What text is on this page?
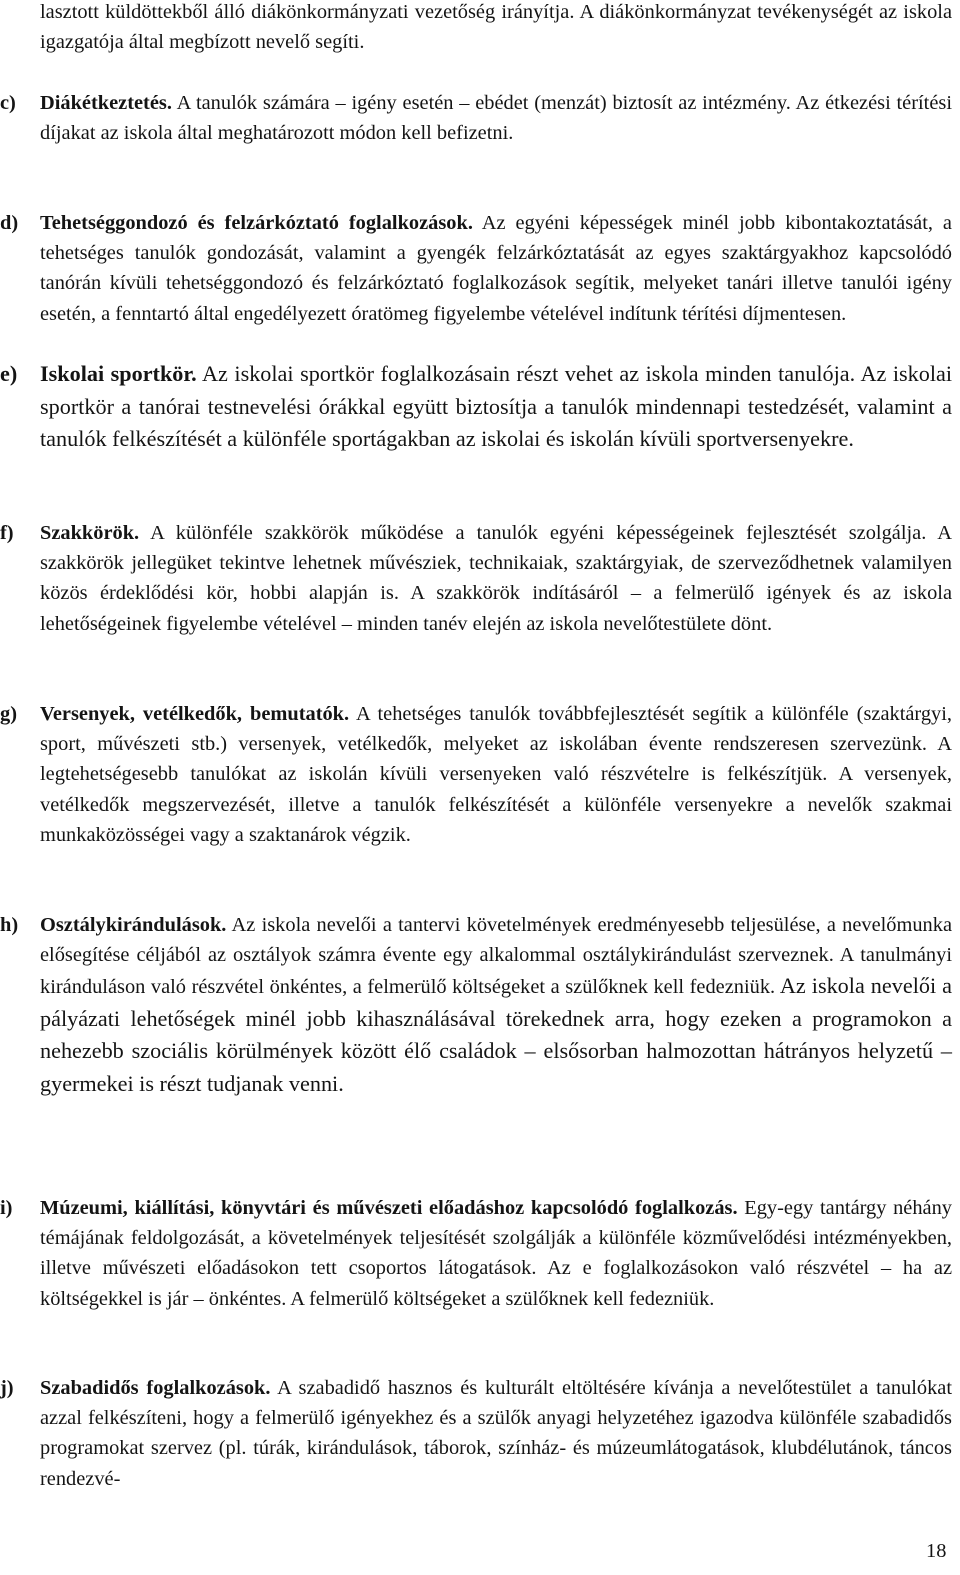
lasztott küldöttekből álló diákönkormányzati vezetőség irányítja. A diákönkormányzat tevékenységét az iskola igazgatója által megbízott nevelő segíti.

c) Diákétkeztetés. A tanulók számára – igény esetén – ebédet (menzát) biztosít az intézmény. Az étkezési térítési díjakat az iskola által meghatározott módon kell befizetni.

d) Tehetséggondozó és felzárkóztató foglalkozások. Az egyéni képességek minél jobb kibontakoztatását, a tehetséges tanulók gondozását, valamint a gyengék felzárkóztatását az egyes szaktárgyakhoz kapcsolódó tanórán kívüli tehetséggondozó és felzárkóztató foglalkozások segítik, melyeket tanári illetve tanulói igény esetén, a fenntartó által engedélyezett óratömeg figyelembe vételével indítunk térítési díjmentesen.

e) Iskolai sportkör. Az iskolai sportkör foglalkozásain részt vehet az iskola minden tanulója. Az iskolai sportkör a tanórai testnevelési órákkal együtt biztosítja a tanulók mindennapi testedzését, valamint a tanulók felkészítését a különféle sportágakban az iskolai és iskolán kívüli sportversenyekre.

f) Szakkörök. A különféle szakkörök működése a tanulók egyéni képességeinek fejlesztését szolgálja. A szakkörök jellegüket tekintve lehetnek művésziek, technikaiak, szaktárgyiak, de szerveződhetnek valamilyen közös érdeklődési kör, hobbi alapján is. A szakkörök indításáról – a felmerülő igények és az iskola lehetőségeinek figyelembe vételével – minden tanév elején az iskola nevelőtestülete dönt.

g) Versenyek, vetélkedők, bemutatók. A tehetséges tanulók továbbfejlesztését segítik a különféle (szaktárgyi, sport, művészeti stb.) versenyek, vetélkedők, melyeket az iskolában évente rendszeresen szervezünk. A legtehetségesebb tanulókat az iskolán kívüli versenyeken való részvételre is felkészítjük. A versenyek, vetélkedők megszervezését, illetve a tanulók felkészítését a különféle versenyekre a nevelők szakmai munkaközösségei vagy a szaktanárok végzik.

h) Osztálykirándulások. Az iskola nevelői a tantervi követelmények eredményesebb teljesülése, a nevelőmunka elősegítése céljából az osztályok számra évente egy alkalommal osztálykirándulást szerveznek. A tanulmányi kiránduláson való részvétel önkéntes, a felmerülő költségeket a szülőknek kell fedezniük. Az iskola nevelői a pályázati lehetőségek minél jobb kihasználásával törekednek arra, hogy ezeken a programokon a nehezebb szociális körülmények között élő családok – elsősorban halmozottan hátrányos helyzetű – gyermekei is részt tudjanak venni.

i) Múzeumi, kiállítási, könyvtári és művészeti előadáshoz kapcsolódó foglalkozás. Egy-egy tantárgy néhány témájának feldolgozását, a követelmények teljesítését szolgálják a különféle közművelődési intézményekben, illetve művészeti előadásokon tett csoportos látogatások. Az e foglalkozásokon való részvétel – ha az költségekkel is jár – önkéntes. A felmerülő költségeket a szülőknek kell fedezniük.

j) Szabadidős foglalkozások. A szabadidő hasznos és kulturált eltöltésére kívánja a nevelőtestület a tanulókat azzal felkészíteni, hogy a felmerülő igényekhez és a szülők anyagi helyzetéhez igazodva különféle szabadidős programokat szervez (pl. túrák, kirándulások, táborok, színház- és múzeumlátogatások, klubdélutánok, táncos rendezvé-

18
